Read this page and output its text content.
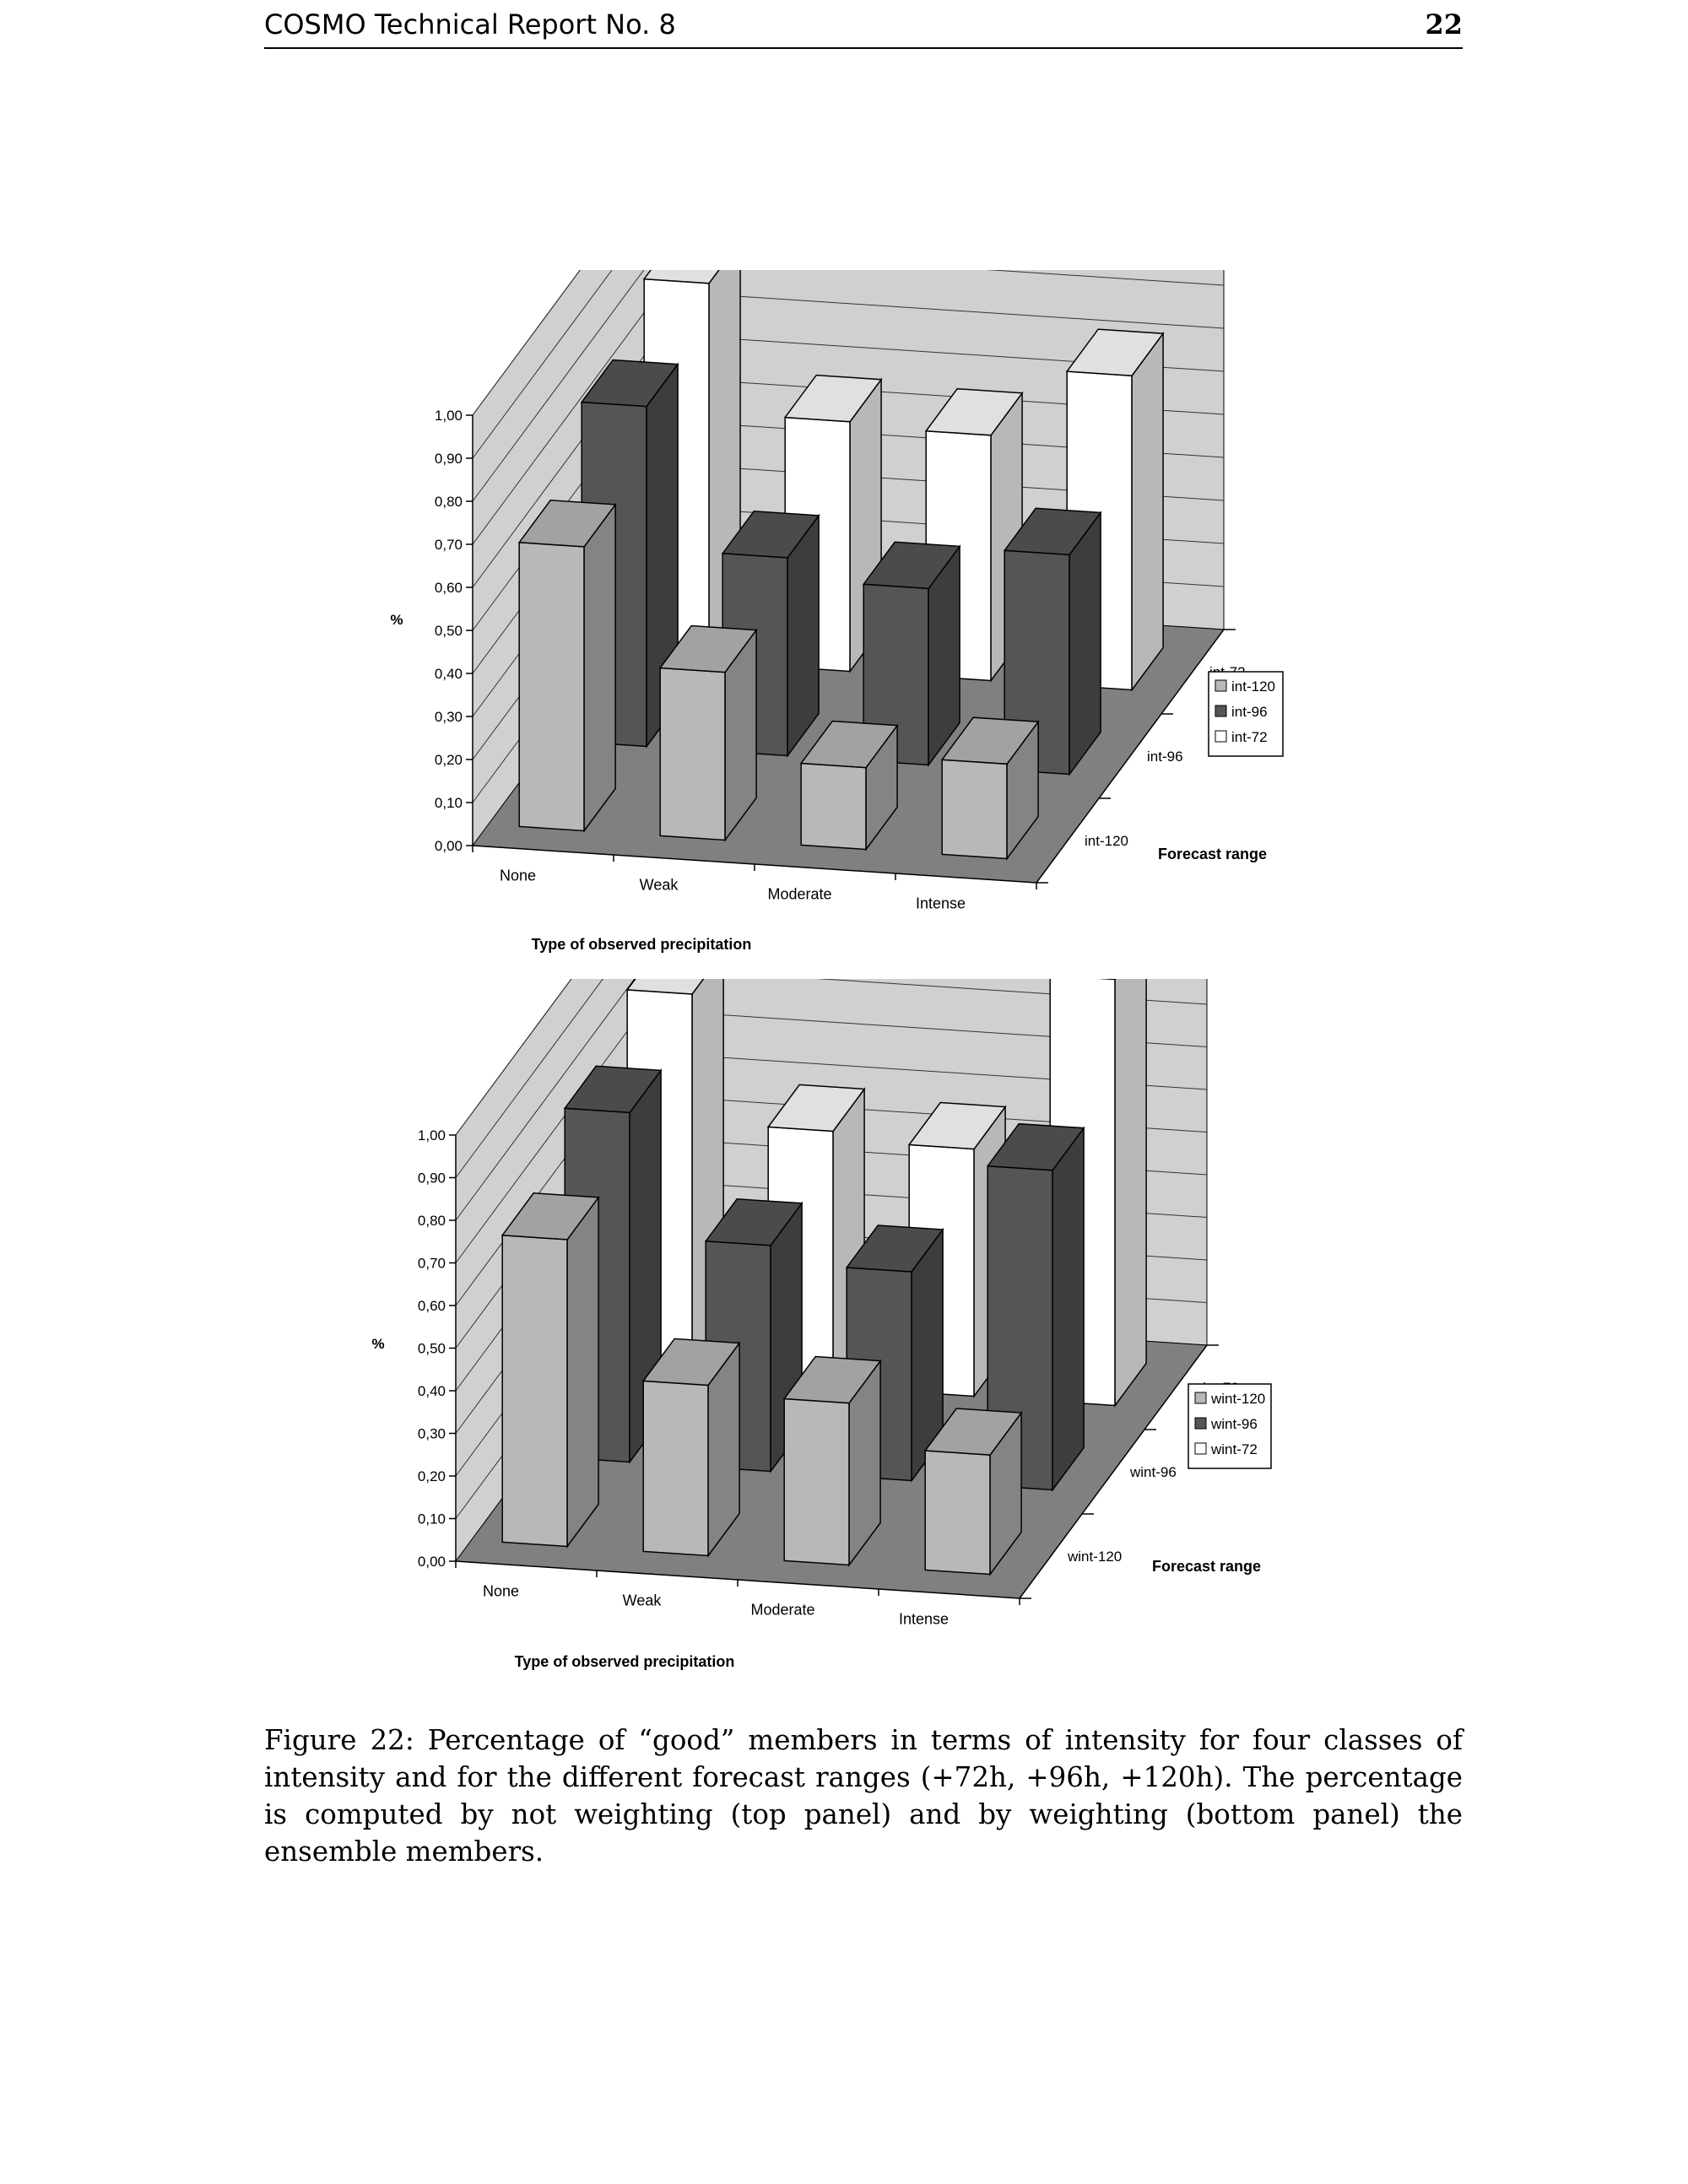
COSMO Technical Report No. 8	22
0,00
0,10
0,20
0,30
0,40
0,50
0,60
0,70
0,80
0,90
1,00
%
None
Weak
Moderate
Intense
Type of observed precipitation
int-120
int-96
Forecast range
int-120
int-96
int-72
0,00
0,10
0,20
0,30
0,40
0,50
0,60
0,70
0,80
0,90
1,00
%
None
Weak
Moderate
Intense
Type of observed precipitation
wint-120
wint-96
Forecast range
wint-120
wint-96
wint-72
Figure 22: Percentage of “good” members in terms of intensity for four classes of intensity and for the different forecast ranges (+72h, +96h, +120h). The percentage is computed by not weighting (top panel) and by weighting (bottom panel) the ensemble members.
